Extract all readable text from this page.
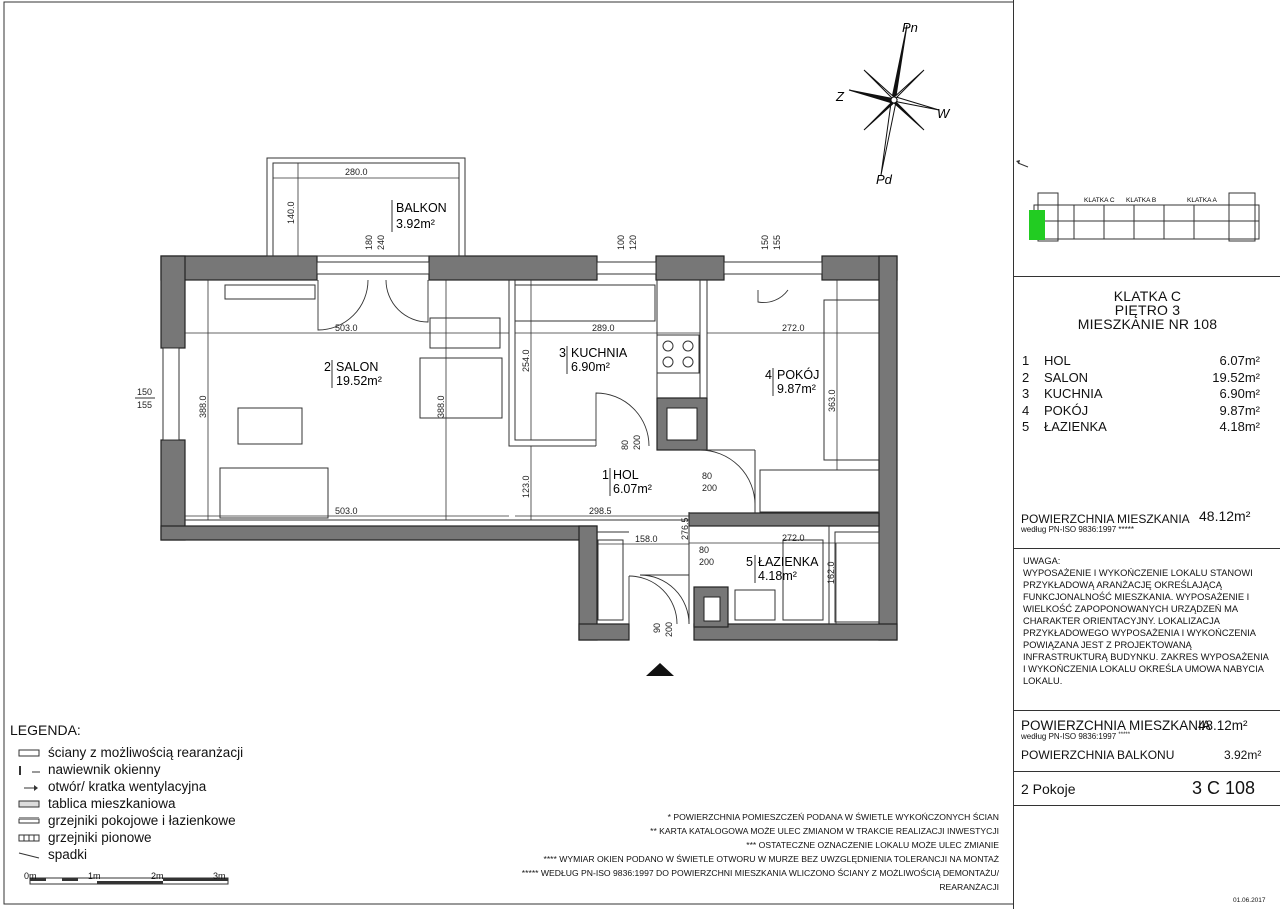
Pn
Pd
W
Z
BALKON
3.92m²
2 SALON
19.52m²
3 KUCHNIA
6.90m²
4 POKÓJ
9.87m²
1 HOL
6.07m²
5 ŁAZIENKA
4.18m²
280.0
140.0
180 240	100 120	150 155
150
155
503.0	289.0	272.0
388.0	388.0
254.0
363.0
123.0
503.0	298.5
158.0 276.5	272.0
162.0
80 200
80
200
80
200
90 200
LEGENDA:
ściany z możliwością rearanżacji
nawiewnik okienny
otwór/ kratka wentylacyjna
tablica mieszkaniowa
grzejniki pokojowe i łazienkowe
grzejniki pionowe
spadki
0m	1m	2m	3m
* POWIERZCHNIA POMIESZCZEŃ PODANA W ŚWIETLE WYKOŃCZONYCH ŚCIAN
** KARTA KATALOGOWA MOŻE ULEC ZMIANOM W TRAKCIE REALIZACJI INWESTYCJI
*** OSTATECZNE OZNACZENIE LOKALU MOŻE ULEC ZMIANIE
**** WYMIAR OKIEN PODANO W ŚWIETLE OTWORU W MURZE BEZ UWZGLĘDNIENIA TOLERANCJI NA MONTAŻ
***** WEDŁUG PN-ISO 9836:1997 DO POWIERZCHNI MIESZKANIA WLICZONO ŚCIANY Z MOŻLIWOŚCIĄ DEMONTAŻU/
REARANŻACJI
KLATKA C KLATKA B	KLATKA A
KLATKA C
PIĘTRO 3
MIESZKANIE NR 108
1 HOL	6.07m²
2 SALON	19.52m²
3 KUCHNIA	6.90m²
4 POKÓJ	9.87m²
5 ŁAZIENKA	4.18m²
POWIERZCHNIA MIESZKANIA
według PN-ISO 9836:1997 *****
48.12m²
UWAGA:
WYPOSAŻENIE I WYKOŃCZENIE LOKALU STANOWI
PRZYKŁADOWĄ ARANŻACJĘ OKREŚLAJĄCĄ
FUNKCJONALNOŚĆ MIESZKANIA. WYPOSAŻENIE I
WIELKOŚĆ ZAPOPONOWANYCH URZĄDZEŃ MA
CHARAKTER ORIENTACYJNY. LOKALIZACJA
PRZYKŁADOWEGO WYPOSAŻENIA I WYKOŃCZENIA
POWIĄZANA JEST Z PROJEKTOWANĄ
INFRASTRUKTURĄ BUDYNKU. ZAKRES WYPOSAŻENIA
I WYKOŃCZENIA LOKALU OKREŚLA UMOWA NABYCIA
LOKALU.
POWIERZCHNIA MIESZKANIA
48.12m²
według PN-ISO 9836:1997 *****
POWIERZCHNIA BALKONU	3.92m²
2 Pokoje	3 C 108
01.06.2017
